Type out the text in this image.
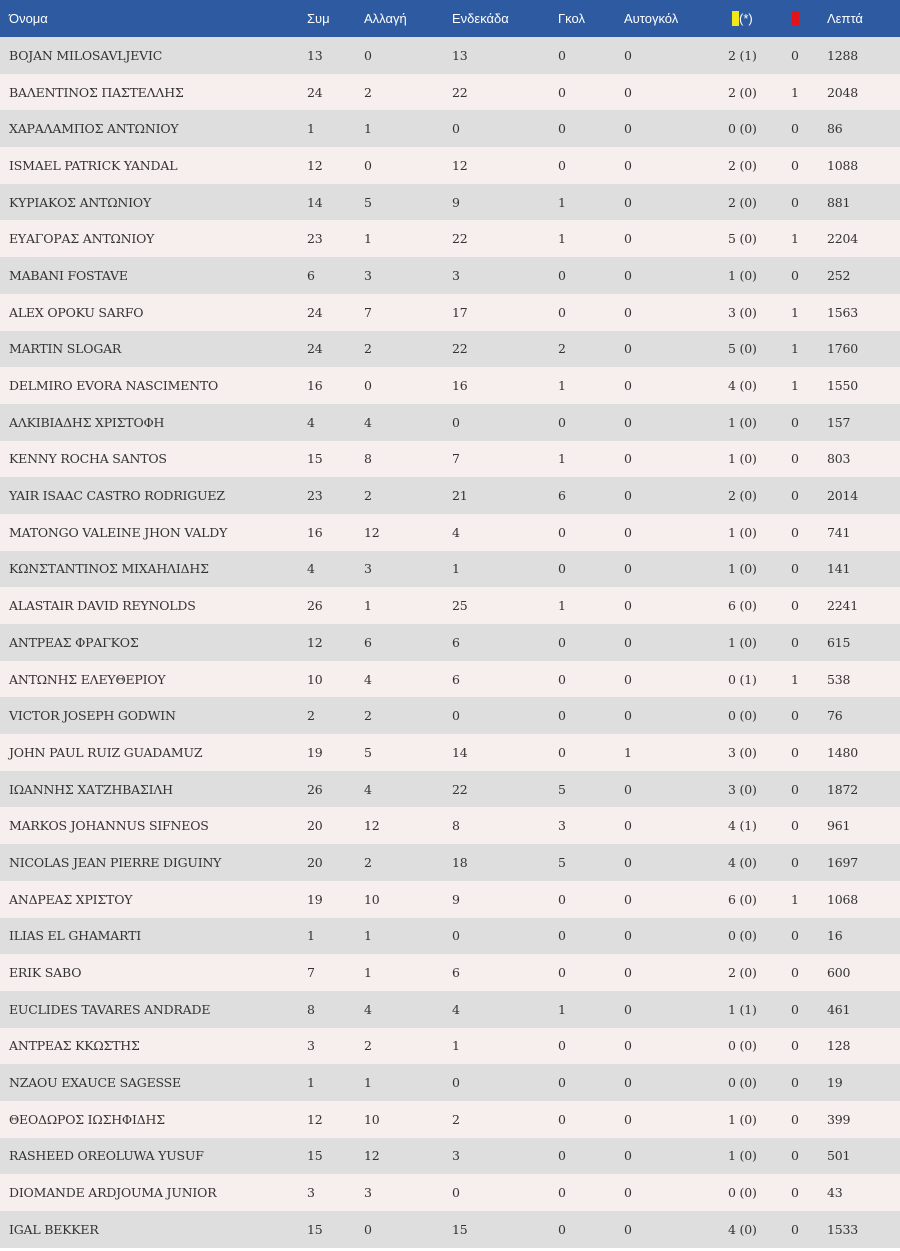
Όνομα	Συμ	Αλλαγή	Ενδεκάδα	Γκολ	Αυτογκόλ	(*)		Λεπτά
BOJAN MILOSAVLJEVIC	13	0	13	0	0	2 (1)	0	1288
ΒΑΛΕΝΤΙΝΟΣ ΠΑΣΤΕΛΛΗΣ	24	2	22	0	0	2 (0)	1	2048
ΧΑΡΑΛΑΜΠΟΣ ΑΝΤΩΝΙΟΥ	1	1	0	0	0	0 (0)	0	86
ISMAEL PATRICK YANDAL	12	0	12	0	0	2 (0)	0	1088
ΚΥΡΙΑΚΟΣ ΑΝΤΩΝΙΟΥ	14	5	9	1	0	2 (0)	0	881
ΕΥΑΓΟΡΑΣ ΑΝΤΩΝΙΟΥ	23	1	22	1	0	5 (0)	1	2204
MABANI FOSTAVE	6	3	3	0	0	1 (0)	0	252
ALEX OPOKU SARFO	24	7	17	0	0	3 (0)	1	1563
MARTIN SLOGAR	24	2	22	2	0	5 (0)	1	1760
DELMIRO EVORA NASCIMENTO	16	0	16	1	0	4 (0)	1	1550
ΑΛΚΙΒΙΑΔΗΣ ΧΡΙΣΤΟΦΗ	4	4	0	0	0	1 (0)	0	157
KENNY ROCHA SANTOS	15	8	7	1	0	1 (0)	0	803
YAIR ISAAC CASTRO RODRIGUEZ	23	2	21	6	0	2 (0)	0	2014
MATONGO VALEINE JHON VALDY	16	12	4	0	0	1 (0)	0	741
ΚΩΝΣΤΑΝΤΙΝΟΣ ΜΙΧΑΗΛΙΔΗΣ	4	3	1	0	0	1 (0)	0	141
ALASTAIR DAVID REYNOLDS	26	1	25	1	0	6 (0)	0	2241
ΑΝΤΡΕΑΣ ΦΡΑΓΚΟΣ	12	6	6	0	0	1 (0)	0	615
ΑΝΤΩΝΗΣ ΕΛΕΥΘΕΡΙΟΥ	10	4	6	0	0	0 (1)	1	538
VICTOR JOSEPH GODWIN	2	2	0	0	0	0 (0)	0	76
JOHN PAUL RUIZ GUADAMUZ	19	5	14	0	1	3 (0)	0	1480
ΙΩΑΝΝΗΣ ΧΑΤΖΗΒΑΣΙΛΗ	26	4	22	5	0	3 (0)	0	1872
MARKOS JOHANNUS SIFNEOS	20	12	8	3	0	4 (1)	0	961
NICOLAS JEAN PIERRE DIGUINY	20	2	18	5	0	4 (0)	0	1697
ΑΝΔΡΕΑΣ ΧΡΙΣΤΟΥ	19	10	9	0	0	6 (0)	1	1068
ILIAS EL GHAMARTI	1	1	0	0	0	0 (0)	0	16
ERIK SABO	7	1	6	0	0	2 (0)	0	600
EUCLIDES TAVARES ANDRADE	8	4	4	1	0	1 (1)	0	461
ΑΝΤΡΕΑΣ ΚΚΩΣΤΗΣ	3	2	1	0	0	0 (0)	0	128
NZAOU EXAUCE SAGESSE	1	1	0	0	0	0 (0)	0	19
ΘΕΟΔΩΡΟΣ ΙΩΣΗΦΙΔΗΣ	12	10	2	0	0	1 (0)	0	399
RASHEED OREOLUWA YUSUF	15	12	3	0	0	1 (0)	0	501
DIOMANDE ARDJOUMA JUNIOR	3	3	0	0	0	0 (0)	0	43
IGAL BEKKER	15	0	15	0	0	4 (0)	0	1533
